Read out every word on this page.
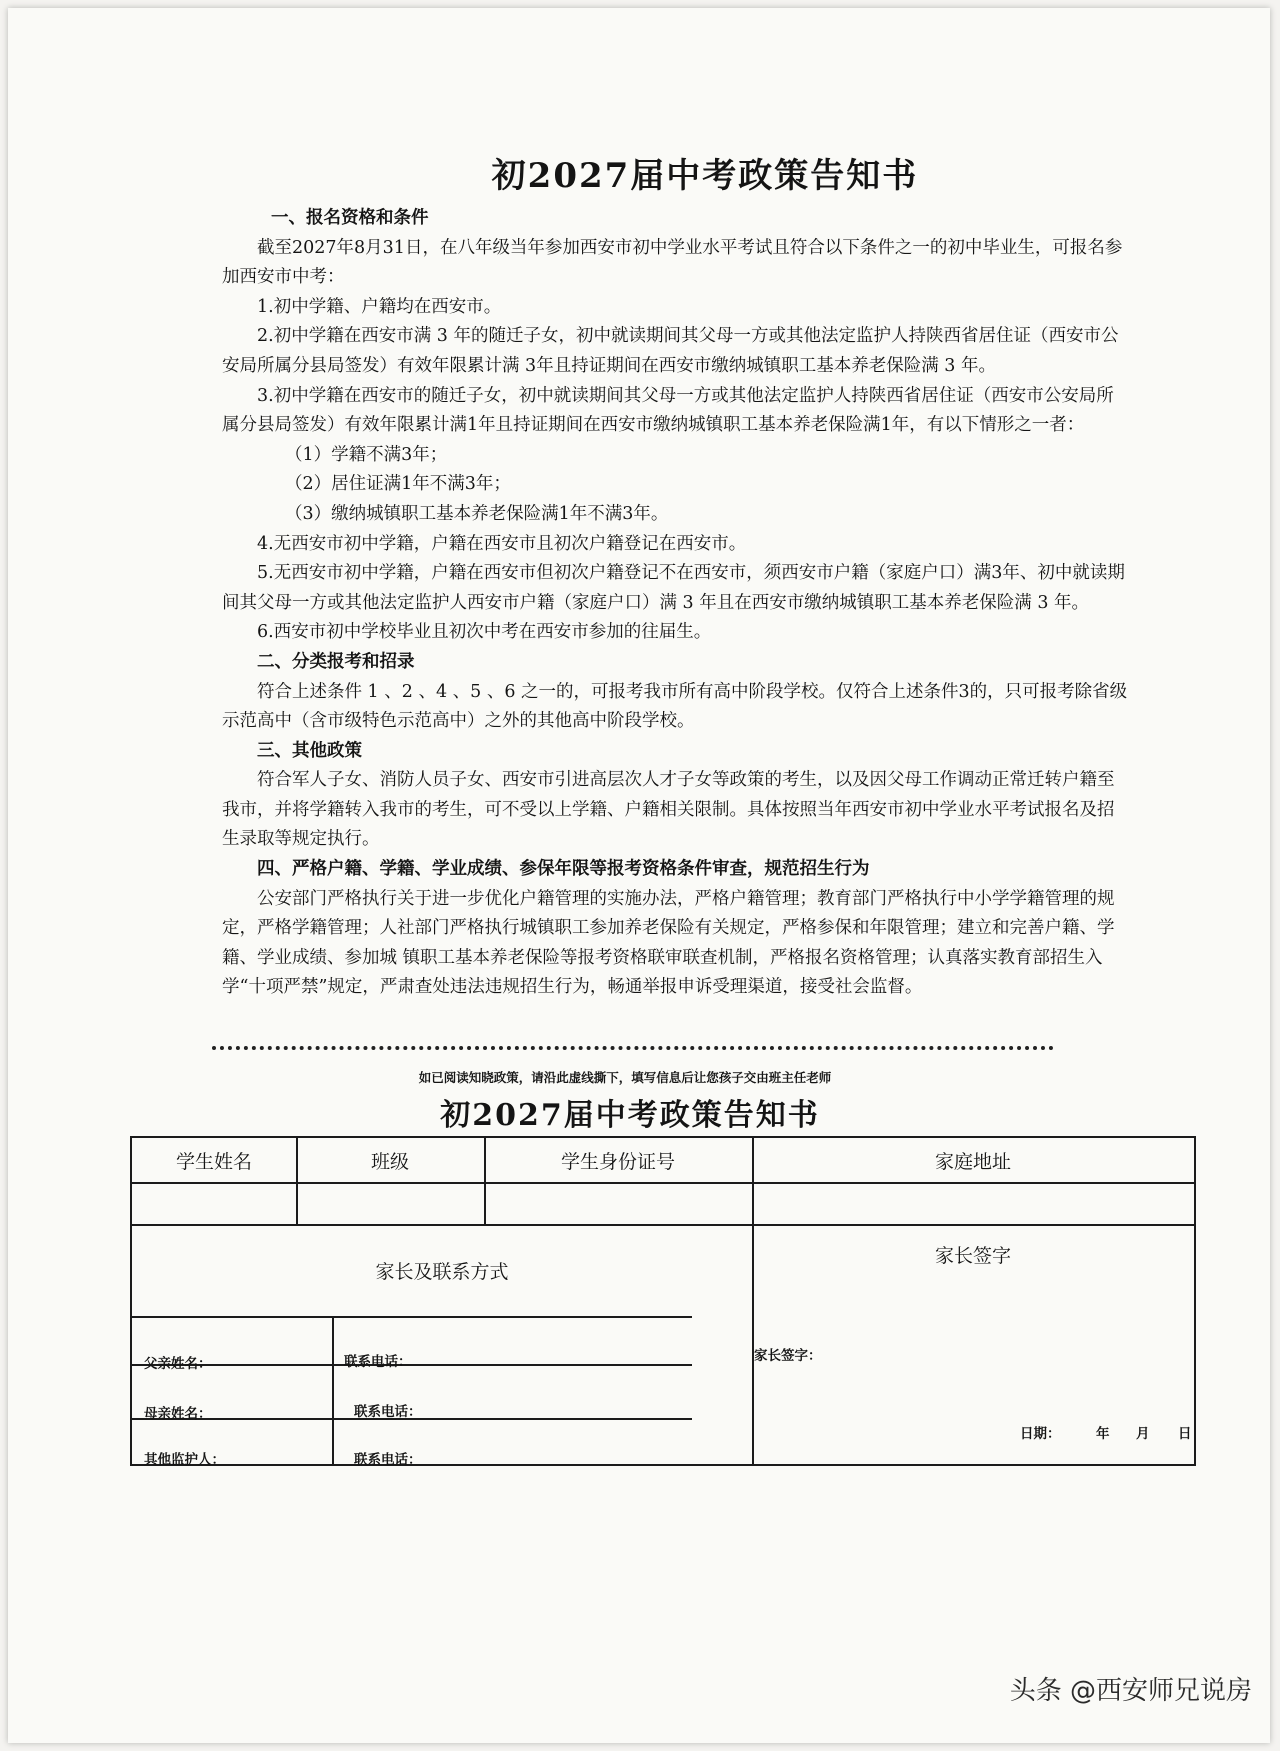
初2027届中考政策告知书

一、报名资格和条件

截至2027年8月31日，在八年级当年参加西安市初中学业水平考试且符合以下条件之一的初中毕业生，可报名参加西安市中考：

1.初中学籍、户籍均在西安市。

2.初中学籍在西安市满 3 年的随迁子女，初中就读期间其父母一方或其他法定监护人持陕西省居住证（西安市公安局所属分县局签发）有效年限累计满 3年且持证期间在西安市缴纳城镇职工基本养老保险满 3 年。

3.初中学籍在西安市的随迁子女，初中就读期间其父母一方或其他法定监护人持陕西省居住证（西安市公安局所属分县局签发）有效年限累计满1年且持证期间在西安市缴纳城镇职工基本养老保险满1年，有以下情形之一者：

（1）学籍不满3年；

（2）居住证满1年不满3年；

（3）缴纳城镇职工基本养老保险满1年不满3年。

4.无西安市初中学籍，户籍在西安市且初次户籍登记在西安市。

5.无西安市初中学籍，户籍在西安市但初次户籍登记不在西安市，须西安市户籍（家庭户口）满3年、初中就读期间其父母一方或其他法定监护人西安市户籍（家庭户口）满 3 年且在西安市缴纳城镇职工基本养老保险满 3 年。

6.西安市初中学校毕业且初次中考在西安市参加的往届生。

二、分类报考和招录

符合上述条件 1 、2 、4 、5 、6 之一的，可报考我市所有高中阶段学校。仅符合上述条件3的，只可报考除省级示范高中（含市级特色示范高中）之外的其他高中阶段学校。

三、其他政策

符合军人子女、消防人员子女、西安市引进高层次人才子女等政策的考生，以及因父母工作调动正常迁转户籍至我市，并将学籍转入我市的考生，可不受以上学籍、户籍相关限制。具体按照当年西安市初中学业水平考试报名及招生录取等规定执行。

四、严格户籍、学籍、学业成绩、参保年限等报考资格条件审查，规范招生行为

公安部门严格执行关于进一步优化户籍管理的实施办法，严格户籍管理；教育部门严格执行中小学学籍管理的规定，严格学籍管理；人社部门严格执行城镇职工参加养老保险有关规定，严格参保和年限管理；建立和完善户籍、学籍、学业成绩、参加城 镇职工基本养老保险等报考资格联审联查机制，严格报名资格管理；认真落实教育部招生入学“十项严禁”规定，严肃查处违法违规招生行为，畅通举报申诉受理渠道，接受社会监督。

如已阅读知晓政策，请沿此虚线撕下，填写信息后让您孩子交由班主任老师
初2027届中考政策告知书
学生姓名	班级	学生身份证号	家庭地址
家长及联系方式
家长签字
父亲姓名：	联系电话：
母亲姓名：	联系电话：
其他监护人：	联系电话：
家长签字：
日期：	年 月 日
头条 @西安师兄说房
